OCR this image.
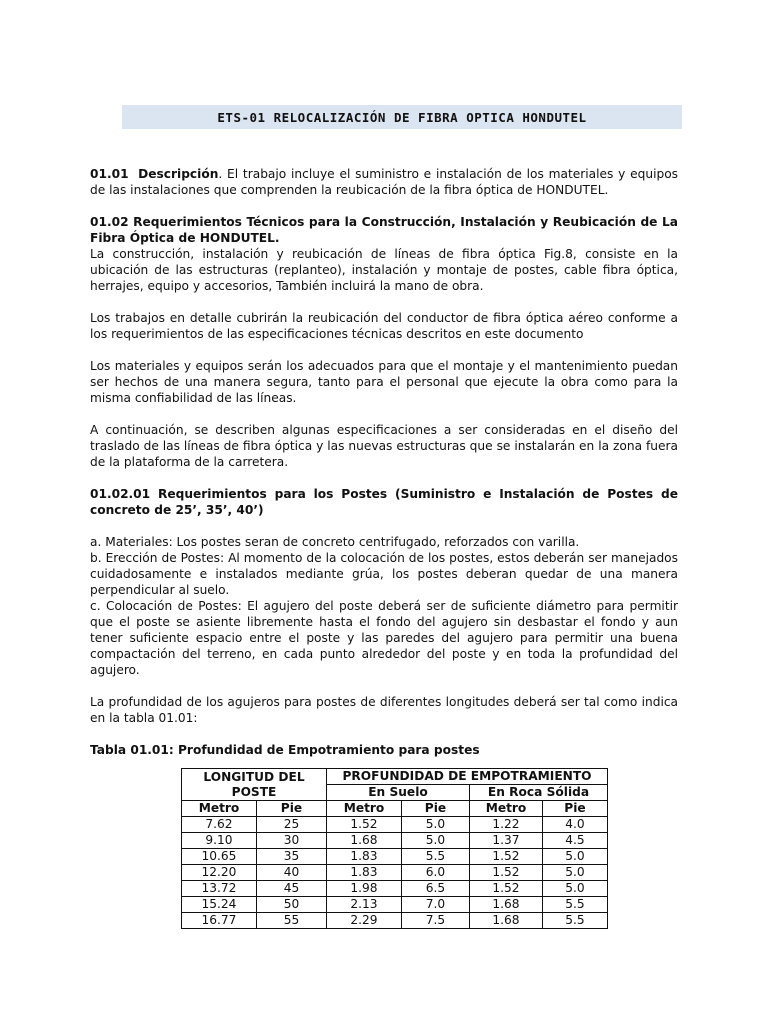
ETS-01 RELOCALIZACIÓN DE FIBRA OPTICA HONDUTEL

01.01 Descripción. El trabajo incluye el suministro e instalación de los materiales y equipos de las instalaciones que comprenden la reubicación de la fibra óptica de HONDUTEL.

01.02 Requerimientos Técnicos para la Construcción, Instalación y Reubicación de La Fibra Óptica de HONDUTEL.

La construcción, instalación y reubicación de líneas de fibra óptica Fig.8, consiste en la ubicación de las estructuras (replanteo), instalación y montaje de postes, cable fibra óptica, herrajes, equipo y accesorios, También incluirá la mano de obra.

Los trabajos en detalle cubrirán la reubicación del conductor de fibra óptica aéreo conforme a los requerimientos de las especificaciones técnicas descritos en este documento

Los materiales y equipos serán los adecuados para que el montaje y el mantenimiento puedan ser hechos de una manera segura, tanto para el personal que ejecute la obra como para la misma confiabilidad de las líneas.

A continuación, se describen algunas especificaciones a ser consideradas en el diseño del traslado de las líneas de fibra óptica y las nuevas estructuras que se instalarán en la zona fuera de la plataforma de la carretera.

01.02.01 Requerimientos para los Postes (Suministro e Instalación de Postes de concreto de 25’, 35’, 40’)

a. Materiales: Los postes seran de concreto centrifugado, reforzados con varilla.

b. Erección de Postes: Al momento de la colocación de los postes, estos deberán ser manejados cuidadosamente e instalados mediante grúa, los postes deberan quedar de una manera perpendicular al suelo.

c. Colocación de Postes: El agujero del poste deberá ser de suficiente diámetro para permitir que el poste se asiente libremente hasta el fondo del agujero sin desbastar el fondo y aun tener suficiente espacio entre el poste y las paredes del agujero para permitir una buena compactación del terreno, en cada punto alrededor del poste y en toda la profundidad del agujero.

La profundidad de los agujeros para postes de diferentes longitudes deberá ser tal como indica en la tabla 01.01:

Tabla 01.01: Profundidad de Empotramiento para postes
LONGITUD DEL POSTE		PROFUNDIDAD DE EMPOTRAMIENTO			
		En Suelo		En Roca Sólida	
Metro	Pie	Metro	Pie	Metro	Pie
7.62	25	1.52	5.0	1.22	4.0
9.10	30	1.68	5.0	1.37	4.5
10.65	35	1.83	5.5	1.52	5.0
12.20	40	1.83	6.0	1.52	5.0
13.72	45	1.98	6.5	1.52	5.0
15.24	50	2.13	7.0	1.68	5.5
16.77	55	2.29	7.5	1.68	5.5
